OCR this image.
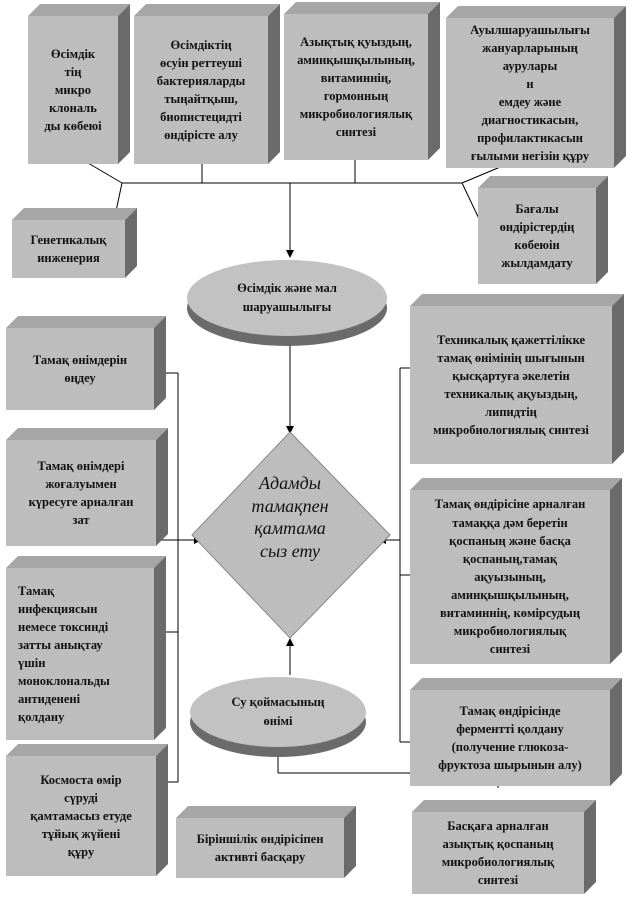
Өсімдік
тің
микро
клональ
ды көбеюі
Өсімдіктің
өсуін реттеуші
бактерияларды
тыңайтқыш,
биопистецидті
өндірісте алу
Азықтық қуыздың,
аминқышқылының,
витаминнің,
гормонның
микробиологиялық
синтезі
Ауылшаруашылығы
жануарларының
аурулары
н
емдеу және
диагностикасын,
профилактикасын
ғылыми негізін құру
Генетикалық
инженерия
Бағалы
өндірістердің
көбеюін
жылдамдату
Өсімдік және мал
шаруашылығы
Тамақ өнімдерін
өңдеу
Тамақ өнімдері
жоғалуымен
күресуге арналған
зат
Тамақ
инфекциясын
немесе токсинді
затты анықтау
үшін
моноклональды
антиденені
қолдану
Космоста өмір
сүруді
қамтамасыз етуде
тұйық жүйені
құру
Техникалық қажеттілікке
тамақ өнімінің шығынын
қысқартуға әкелетін
техникалық ақуыздың,
липидтің
микробиологиялық синтезі
Тамақ өндірісіне арналған
тамаққа дәм беретін
қоспаның және басқа
қоспаның,тамақ
ақуызының,
аминқышқылының,
витаминнің, көмірсудың
микробиологиялық
синтезі
Тамақ өндірісінде
ферментті қолдану
(получение глюкоза-
фруктоза шырынын алу)
Су қоймасының
өнімі
Біріншілік өндірісіпен
активті басқару
Басқаға арналған
азықтық қоспаның
микробиологиялық
синтезі
Адамды
тамақпен
қамтама
сыз ету
